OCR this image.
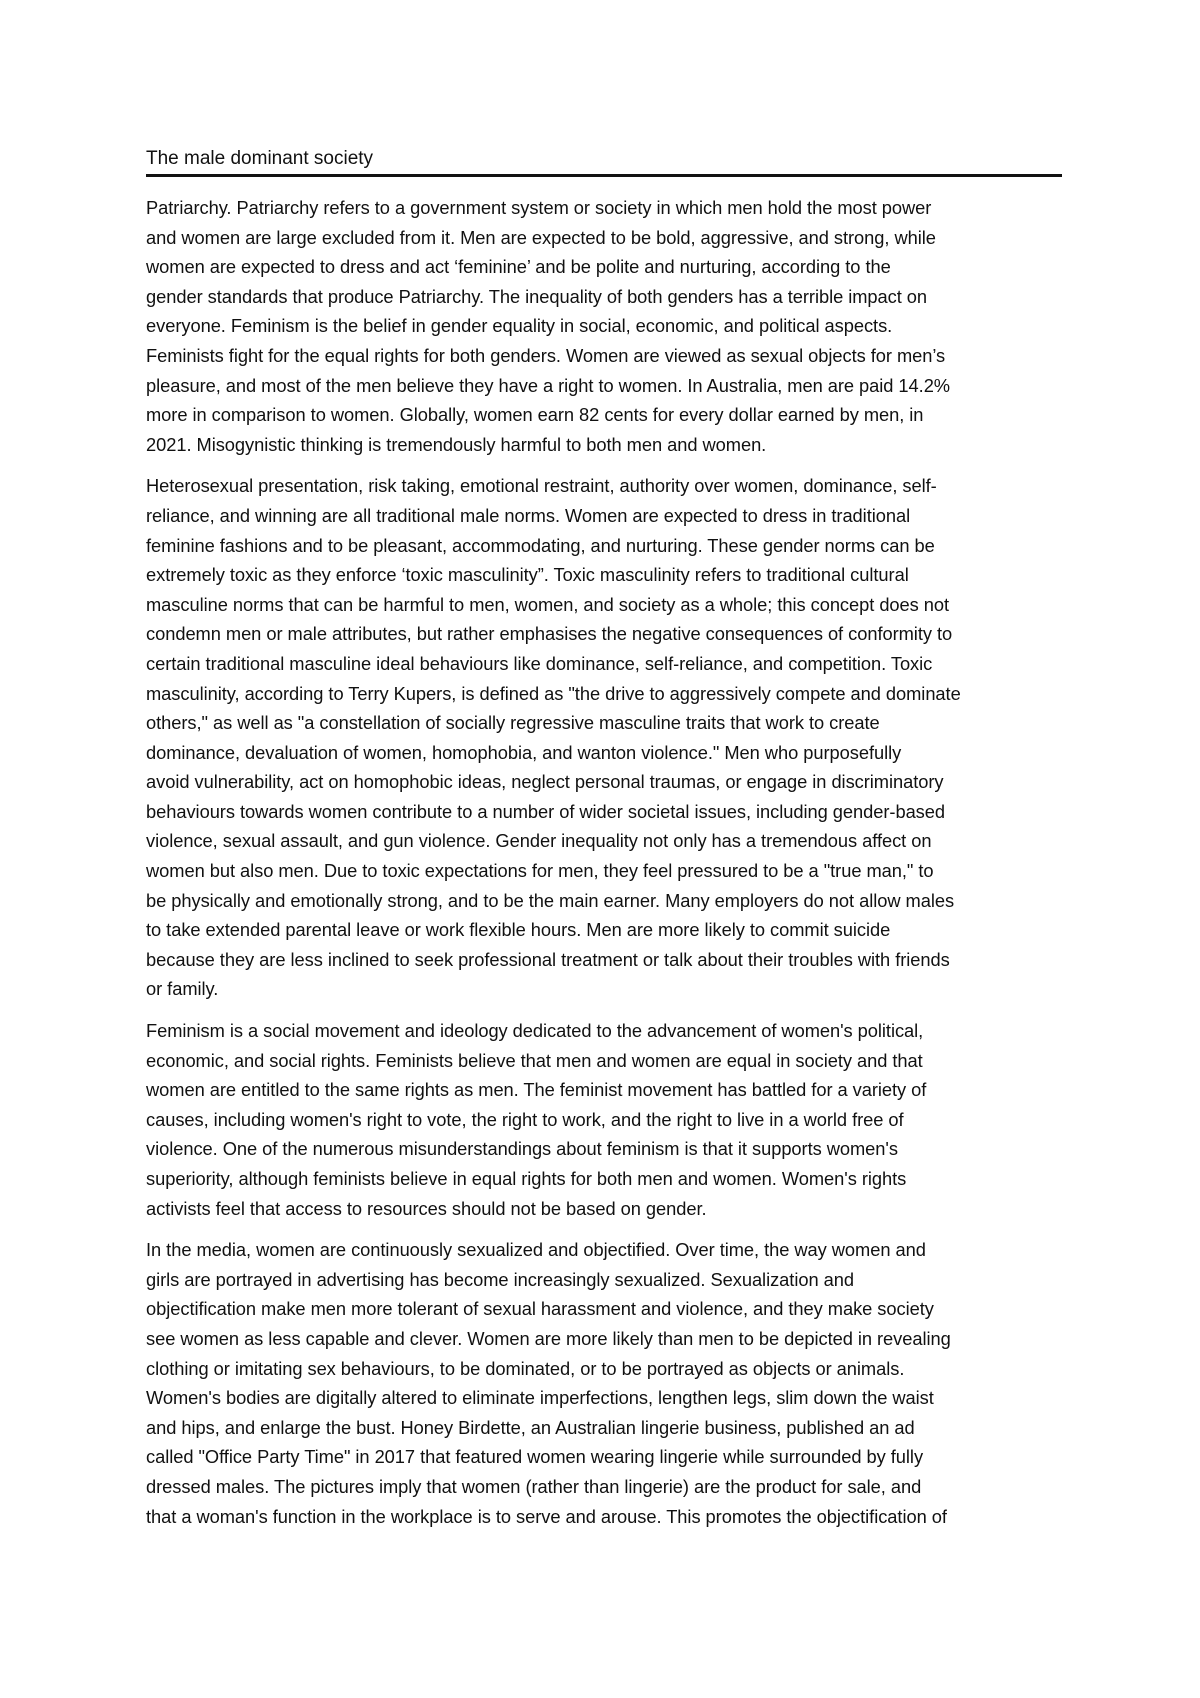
The male dominant society

Patriarchy. Patriarchy refers to a government system or society in which men hold the most power
and women are large excluded from it. Men are expected to be bold, aggressive, and strong, while
women are expected to dress and act ‘feminine’ and be polite and nurturing, according to the
gender standards that produce Patriarchy. The inequality of both genders has a terrible impact on
everyone. Feminism is the belief in gender equality in social, economic, and political aspects.
Feminists fight for the equal rights for both genders. Women are viewed as sexual objects for men’s
pleasure, and most of the men believe they have a right to women. In Australia, men are paid 14.2%
more in comparison to women. Globally, women earn 82 cents for every dollar earned by men, in
2021. Misogynistic thinking is tremendously harmful to both men and women.

Heterosexual presentation, risk taking, emotional restraint, authority over women, dominance, self-
reliance, and winning are all traditional male norms. Women are expected to dress in traditional
feminine fashions and to be pleasant, accommodating, and nurturing. These gender norms can be
extremely toxic as they enforce ‘toxic masculinity”. Toxic masculinity refers to traditional cultural
masculine norms that can be harmful to men, women, and society as a whole; this concept does not
condemn men or male attributes, but rather emphasises the negative consequences of conformity to
certain traditional masculine ideal behaviours like dominance, self-reliance, and competition. Toxic
masculinity, according to Terry Kupers, is defined as "the drive to aggressively compete and dominate
others," as well as "a constellation of socially regressive masculine traits that work to create
dominance, devaluation of women, homophobia, and wanton violence." Men who purposefully
avoid vulnerability, act on homophobic ideas, neglect personal traumas, or engage in discriminatory
behaviours towards women contribute to a number of wider societal issues, including gender-based
violence, sexual assault, and gun violence. Gender inequality not only has a tremendous affect on
women but also men. Due to toxic expectations for men, they feel pressured to be a "true man," to
be physically and emotionally strong, and to be the main earner. Many employers do not allow males
to take extended parental leave or work flexible hours. Men are more likely to commit suicide
because they are less inclined to seek professional treatment or talk about their troubles with friends
or family.

Feminism is a social movement and ideology dedicated to the advancement of women's political,
economic, and social rights. Feminists believe that men and women are equal in society and that
women are entitled to the same rights as men. The feminist movement has battled for a variety of
causes, including women's right to vote, the right to work, and the right to live in a world free of
violence. One of the numerous misunderstandings about feminism is that it supports women's
superiority, although feminists believe in equal rights for both men and women. Women's rights
activists feel that access to resources should not be based on gender.

In the media, women are continuously sexualized and objectified. Over time, the way women and
girls are portrayed in advertising has become increasingly sexualized. Sexualization and
objectification make men more tolerant of sexual harassment and violence, and they make society
see women as less capable and clever. Women are more likely than men to be depicted in revealing
clothing or imitating sex behaviours, to be dominated, or to be portrayed as objects or animals.
Women's bodies are digitally altered to eliminate imperfections, lengthen legs, slim down the waist
and hips, and enlarge the bust. Honey Birdette, an Australian lingerie business, published an ad
called "Office Party Time" in 2017 that featured women wearing lingerie while surrounded by fully
dressed males. The pictures imply that women (rather than lingerie) are the product for sale, and
that a woman's function in the workplace is to serve and arouse. This promotes the objectification of
